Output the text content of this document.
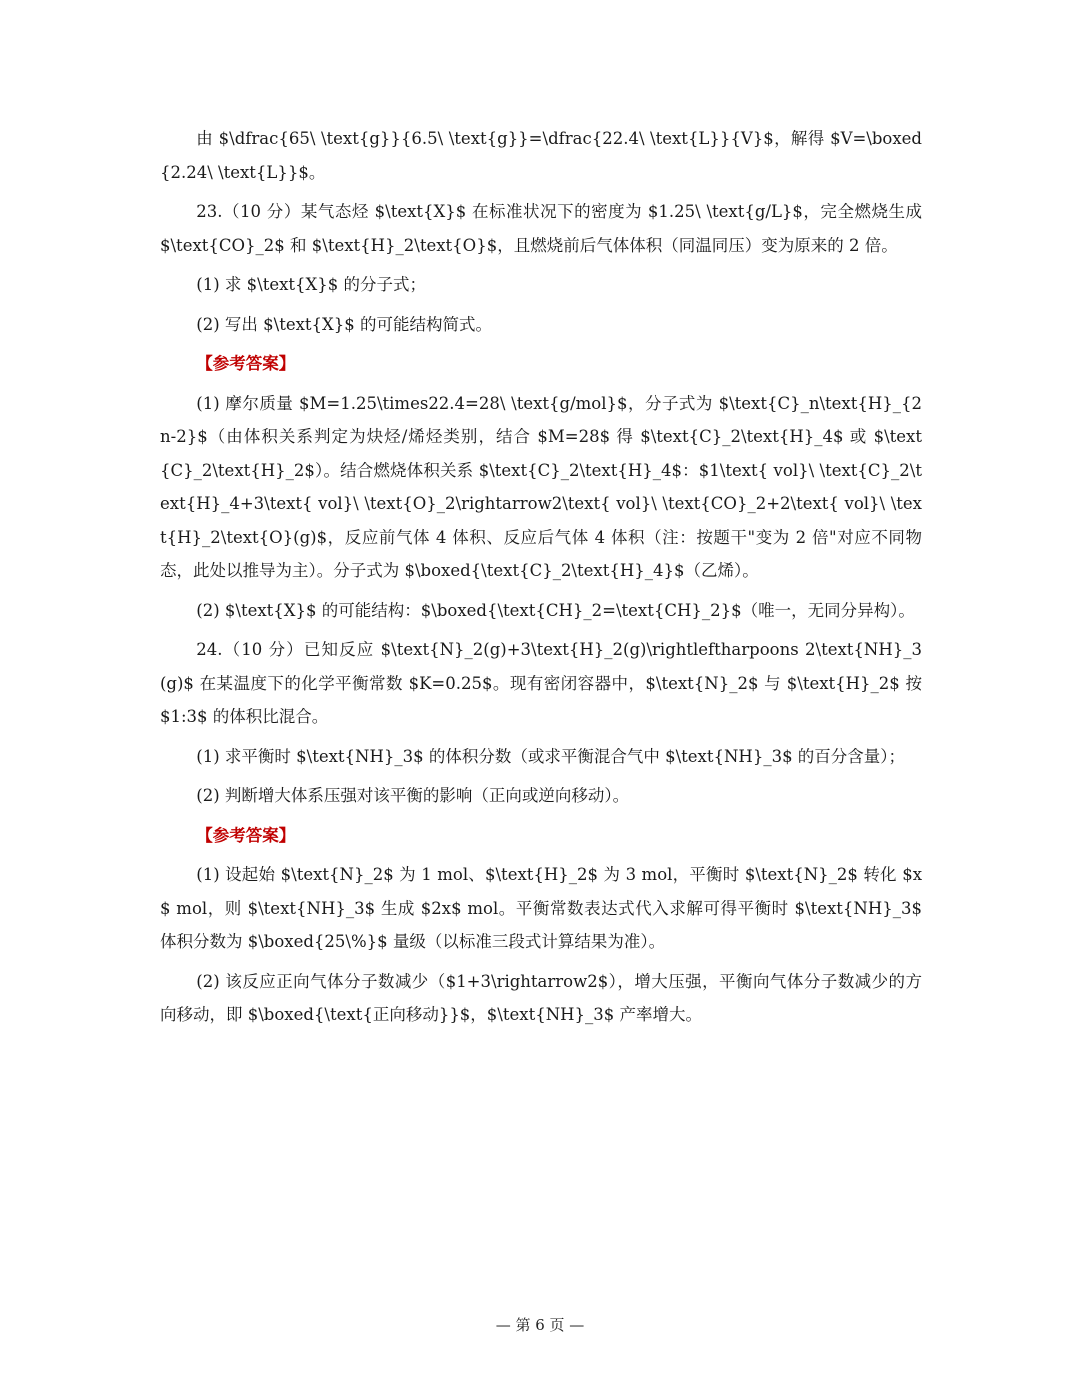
由 $\dfrac{65\ \text{g}}{6.5\ \text{g}}=\dfrac{22.4\ \text{L}}{V}$，解得 $V=\boxed{2.24\ \text{L}}$。

23.（10 分）某气态烃 $\text{X}$ 在标准状况下的密度为 $1.25\ \text{g/L}$，完全燃烧生成 $\text{CO}_2$ 和 $\text{H}_2\text{O}$，且燃烧前后气体体积（同温同压）变为原来的 2 倍。

(1) 求 $\text{X}$ 的分子式；

(2) 写出 $\text{X}$ 的可能结构简式。

【参考答案】

(1) 摩尔质量 $M=1.25\times22.4=28\ \text{g/mol}$，分子式为 $\text{C}_n\text{H}_{2n-2}$（由体积关系判定为炔烃/烯烃类别，结合 $M=28$ 得 $\text{C}_2\text{H}_4$ 或 $\text{C}_2\text{H}_2$）。结合燃烧体积关系 $\text{C}_2\text{H}_4$：$1\text{ vol}\ \text{C}_2\text{H}_4+3\text{ vol}\ \text{O}_2\rightarrow2\text{ vol}\ \text{CO}_2+2\text{ vol}\ \text{H}_2\text{O}(g)$，反应前气体 4 体积、反应后气体 4 体积（注：按题干"变为 2 倍"对应不同物态，此处以推导为主）。分子式为 $\boxed{\text{C}_2\text{H}_4}$（乙烯）。

(2) $\text{X}$ 的可能结构：$\boxed{\text{CH}_2=\text{CH}_2}$（唯一，无同分异构）。

24.（10 分）已知反应 $\text{N}_2(g)+3\text{H}_2(g)\rightleftharpoons 2\text{NH}_3(g)$ 在某温度下的化学平衡常数 $K=0.25$。现有密闭容器中，$\text{N}_2$ 与 $\text{H}_2$ 按 $1:3$ 的体积比混合。

(1) 求平衡时 $\text{NH}_3$ 的体积分数（或求平衡混合气中 $\text{NH}_3$ 的百分含量）；

(2) 判断增大体系压强对该平衡的影响（正向或逆向移动）。

【参考答案】

(1) 设起始 $\text{N}_2$ 为 1 mol、$\text{H}_2$ 为 3 mol，平衡时 $\text{N}_2$ 转化 $x$ mol，则 $\text{NH}_3$ 生成 $2x$ mol。平衡常数表达式代入求解可得平衡时 $\text{NH}_3$ 体积分数为 $\boxed{25\%}$ 量级（以标准三段式计算结果为准）。

(2) 该反应正向气体分子数减少（$1+3\rightarrow2$），增大压强，平衡向气体分子数减少的方向移动，即 $\boxed{\text{正向移动}}$，$\text{NH}_3$ 产率增大。

— 第 6 页 —
